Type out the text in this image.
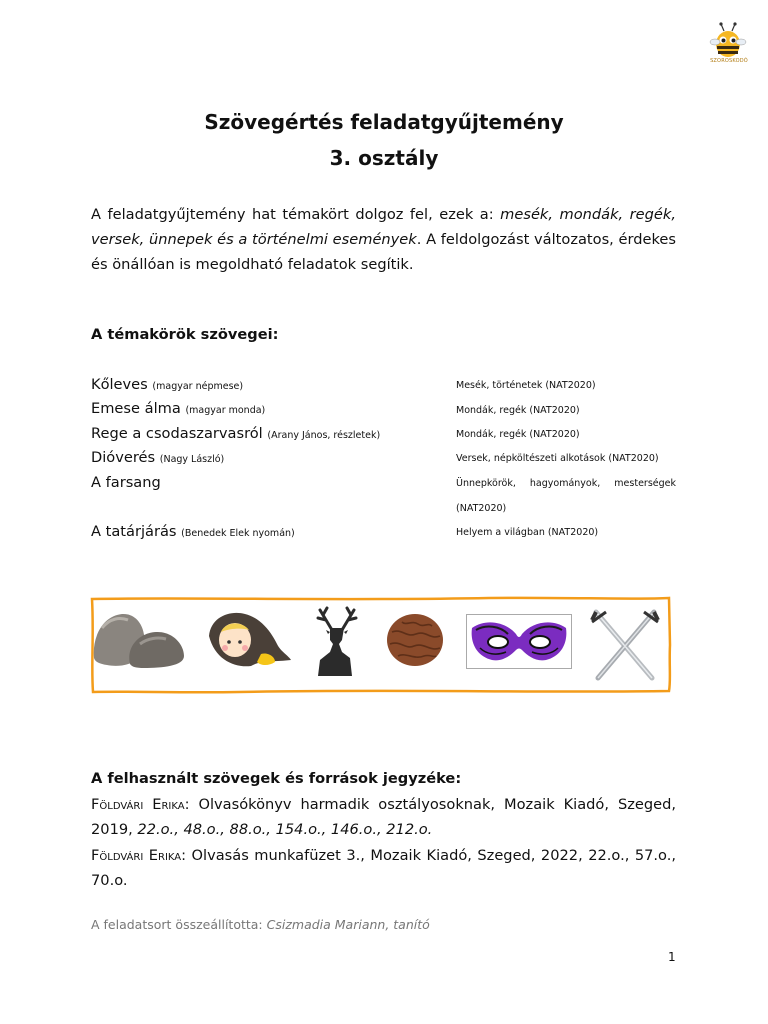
SZOROSKODÓ
Szövegértés feladatgyűjtemény
3. osztály
A feladatgyűjtemény hat témakört dolgoz fel, ezek a: mesék, mondák, regék, versek, ünnepek és a történelmi események. A feldolgozást változatos, érdekes és önállóan is megoldható feladatok segítik.
A témakörök szövegei:
Kőleves (magyar népmese)	Mesék, történetek (NAT2020)
Emese álma (magyar monda)	Mondák, regék (NAT2020)
Rege a csodaszarvasról (Arany János, részletek)	Mondák, regék (NAT2020)
Dióverés (Nagy László)	Versek, népköltészeti alkotások (NAT2020)
A farsang	Ünnepkörök, hagyományok, mesterségek (NAT2020)
A tatárjárás (Benedek Elek nyomán)	Helyem a világban (NAT2020)
A felhasznált szövegek és források jegyzéke:
Földvári Erika: Olvasókönyv harmadik osztályosoknak, Mozaik Kiadó, Szeged, 2019, 22.o., 48.o., 88.o., 154.o., 146.o., 212.o.
Földvári Erika: Olvasás munkafüzet 3., Mozaik Kiadó, Szeged, 2022, 22.o., 57.o., 70.o.
A feladatsort összeállította: Csizmadia Mariann, tanító
1
